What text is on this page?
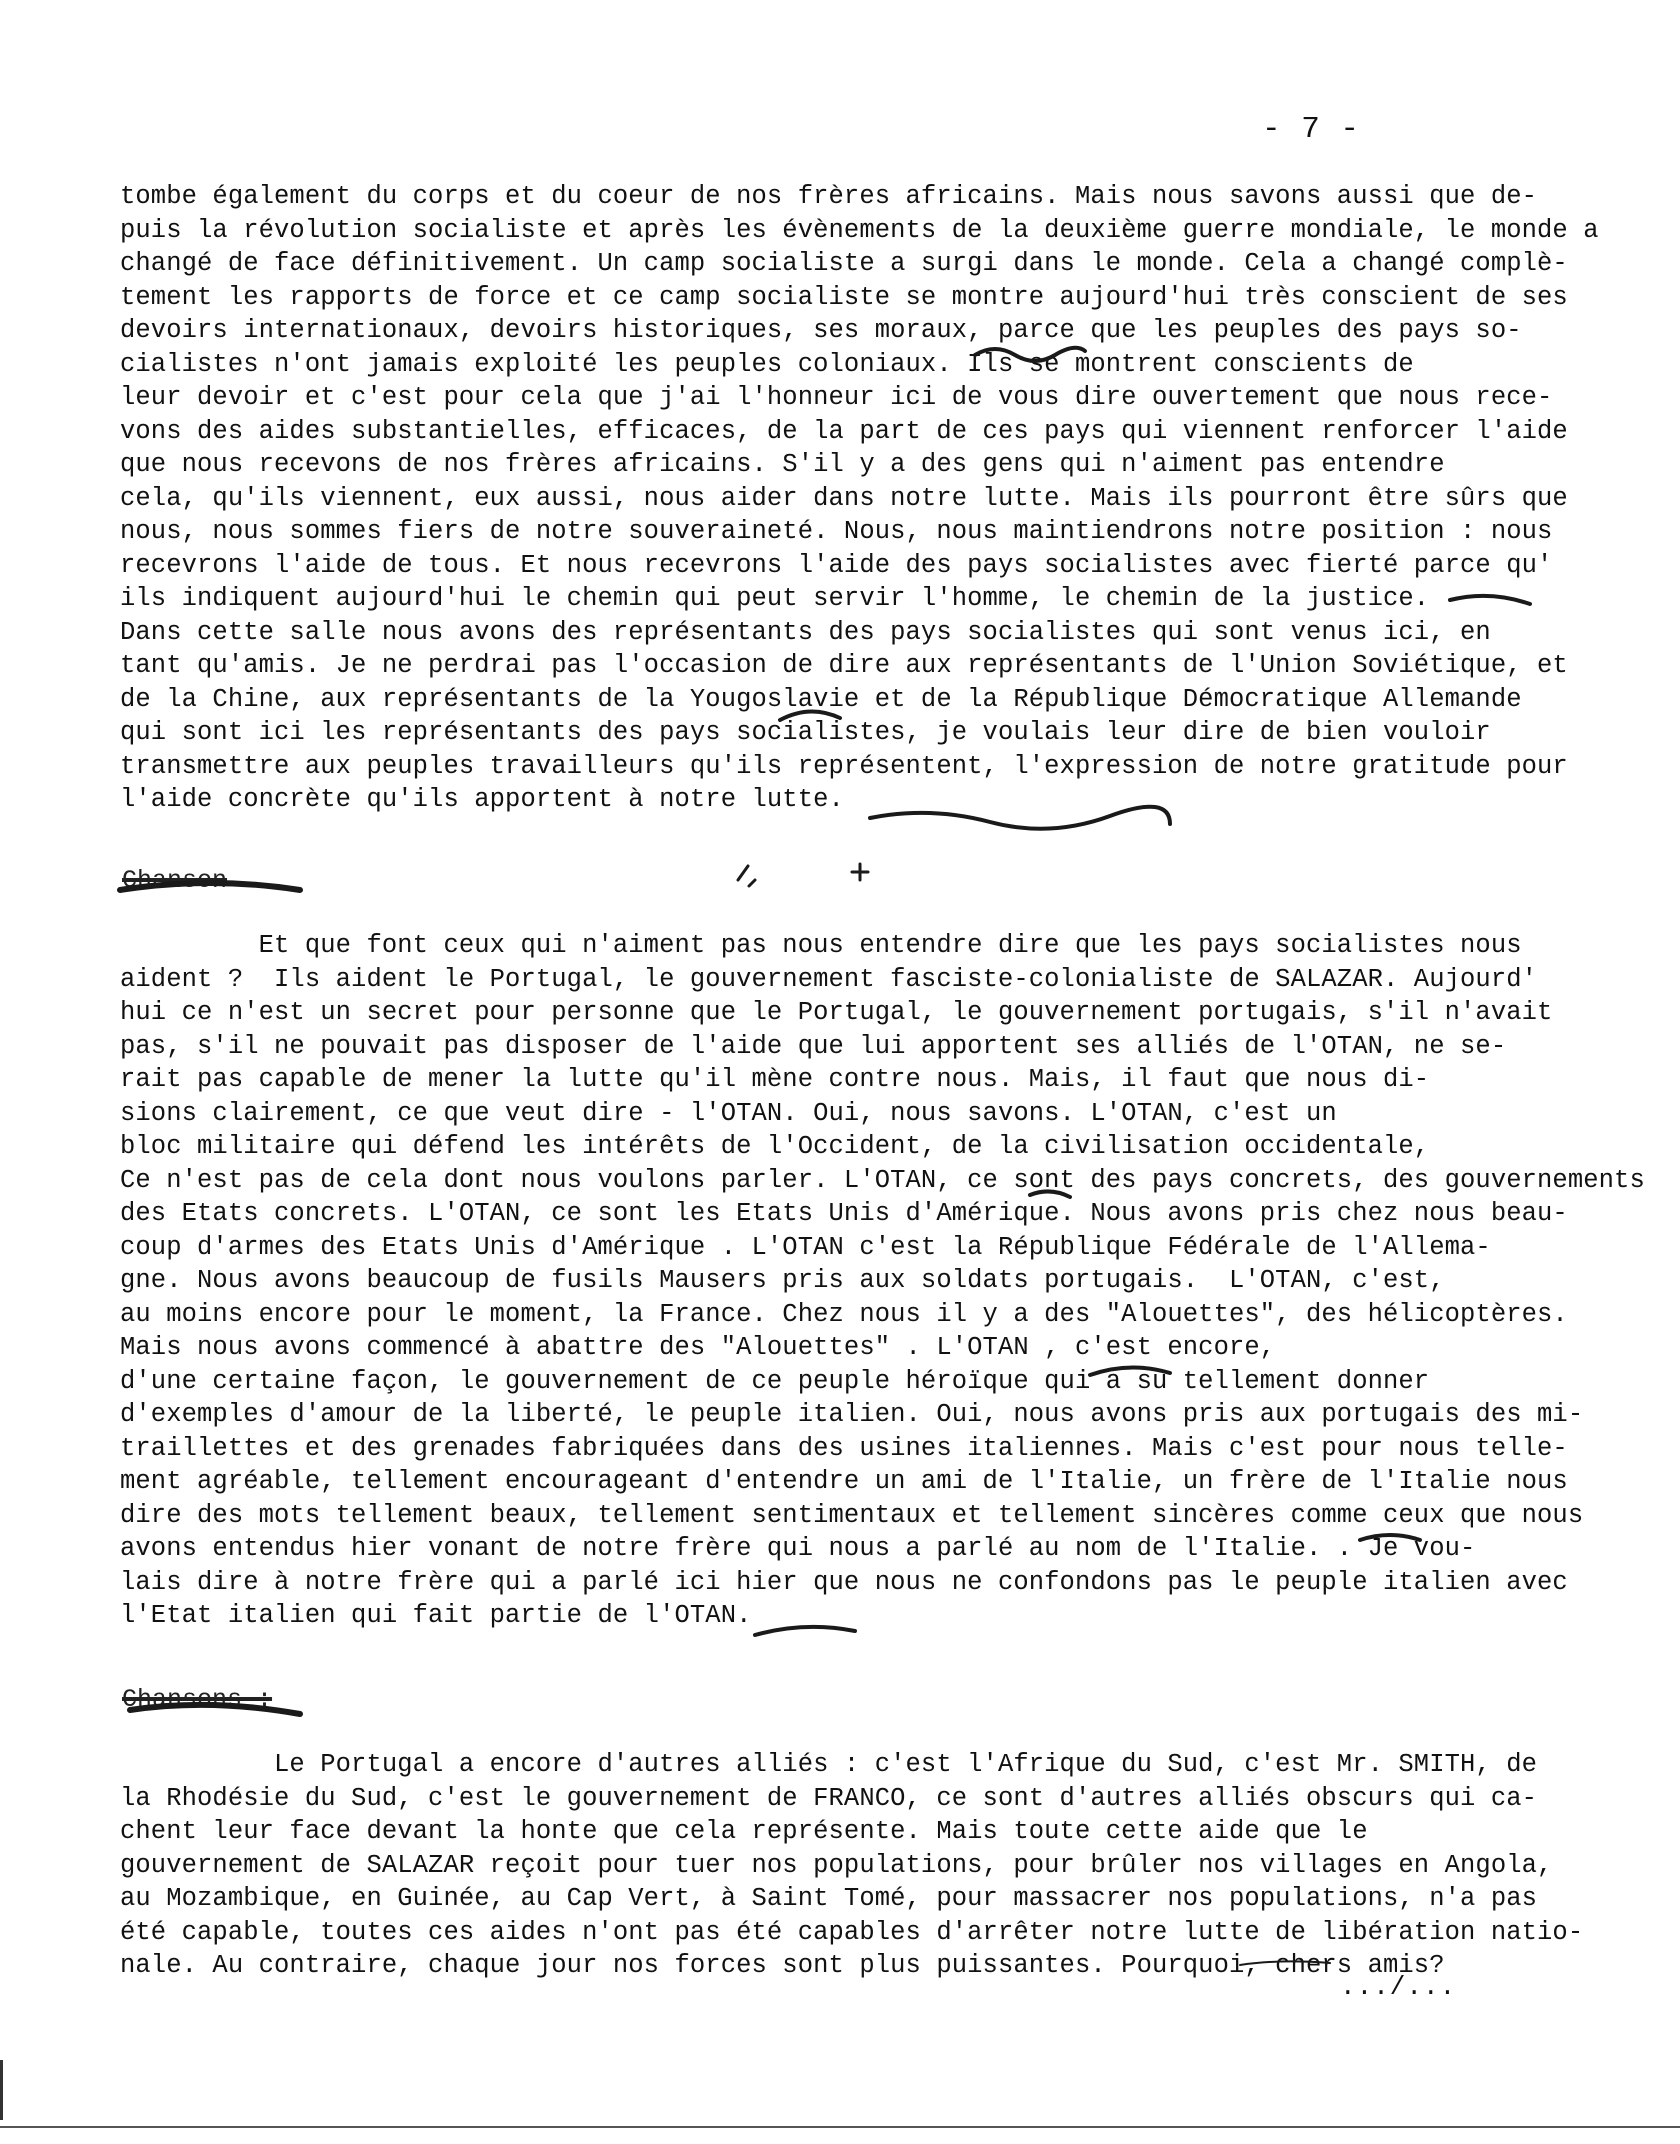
- 7 -
tombe également du corps et du coeur de nos frères africains. Mais nous savons aussi que de-
puis la révolution socialiste et après les évènements de la deuxième guerre mondiale, le monde a
changé de face définitivement. Un camp socialiste a surgi dans le monde. Cela a changé complè-
tement les rapports de force et ce camp socialiste se montre aujourd'hui très conscient de ses
devoirs internationaux, devoirs historiques, ses moraux, parce que les peuples des pays so-
cialistes n'ont jamais exploité les peuples coloniaux. Ils se montrent conscients de
leur devoir et c'est pour cela que j'ai l'honneur ici de vous dire ouvertement que nous rece-
vons des aides substantielles, efficaces, de la part de ces pays qui viennent renforcer l'aide
que nous recevons de nos frères africains. S'il y a des gens qui n'aiment pas entendre
cela, qu'ils viennent, eux aussi, nous aider dans notre lutte. Mais ils pourront être sûrs que
nous, nous sommes fiers de notre souveraineté. Nous, nous maintiendrons notre position : nous
recevrons l'aide de tous. Et nous recevrons l'aide des pays socialistes avec fierté parce qu'
ils indiquent aujourd'hui le chemin qui peut servir l'homme, le chemin de la justice.
Dans cette salle nous avons des représentants des pays socialistes qui sont venus ici, en
tant qu'amis. Je ne perdrai pas l'occasion de dire aux représentants de l'Union Soviétique, et
de la Chine, aux représentants de la Yougoslavie et de la République Démocratique Allemande
qui sont ici les représentants des pays socialistes, je voulais leur dire de bien vouloir
transmettre aux peuples travailleurs qu'ils représentent, l'expression de notre gratitude pour
l'aide concrète qu'ils apportent à notre lutte.
Chanson
Et que font ceux qui n'aiment pas nous entendre dire que les pays socialistes nous
aident ?  Ils aident le Portugal, le gouvernement fasciste-colonialiste de SALAZAR. Aujourd'
hui ce n'est un secret pour personne que le Portugal, le gouvernement portugais, s'il n'avait
pas, s'il ne pouvait pas disposer de l'aide que lui apportent ses alliés de l'OTAN, ne se-
rait pas capable de mener la lutte qu'il mène contre nous. Mais, il faut que nous di-
sions clairement, ce que veut dire - l'OTAN. Oui, nous savons. L'OTAN, c'est un
bloc militaire qui défend les intérêts de l'Occident, de la civilisation occidentale,
Ce n'est pas de cela dont nous voulons parler. L'OTAN, ce sont des pays concrets, des gouvernements
des Etats concrets. L'OTAN, ce sont les Etats Unis d'Amérique. Nous avons pris chez nous beau-
coup d'armes des Etats Unis d'Amérique . L'OTAN c'est la République Fédérale de l'Allema-
gne. Nous avons beaucoup de fusils Mausers pris aux soldats portugais.  L'OTAN, c'est,
au moins encore pour le moment, la France. Chez nous il y a des "Alouettes", des hélicoptères.
Mais nous avons commencé à abattre des "Alouettes" . L'OTAN , c'est encore,
d'une certaine façon, le gouvernement de ce peuple héroïque qui a su tellement donner
d'exemples d'amour de la liberté, le peuple italien. Oui, nous avons pris aux portugais des mi-
traillettes et des grenades fabriquées dans des usines italiennes. Mais c'est pour nous telle-
ment agréable, tellement encourageant d'entendre un ami de l'Italie, un frère de l'Italie nous
dire des mots tellement beaux, tellement sentimentaux et tellement sincères comme ceux que nous
avons entendus hier vonant de notre frère qui nous a parlé au nom de l'Italie. . Je vou-
lais dire à notre frère qui a parlé ici hier que nous ne confondons pas le peuple italien avec
l'Etat italien qui fait partie de l'OTAN.
Chansons :
Le Portugal a encore d'autres alliés : c'est l'Afrique du Sud, c'est Mr. SMITH, de
la Rhodésie du Sud, c'est le gouvernement de FRANCO, ce sont d'autres alliés obscurs qui ca-
chent leur face devant la honte que cela représente. Mais toute cette aide que le
gouvernement de SALAZAR reçoit pour tuer nos populations, pour brûler nos villages en Angola,
au Mozambique, en Guinée, au Cap Vert, à Saint Tomé, pour massacrer nos populations, n'a pas
été capable, toutes ces aides n'ont pas été capables d'arrêter notre lutte de libération natio-
nale. Au contraire, chaque jour nos forces sont plus puissantes. Pourquoi, chers amis?
.../...
